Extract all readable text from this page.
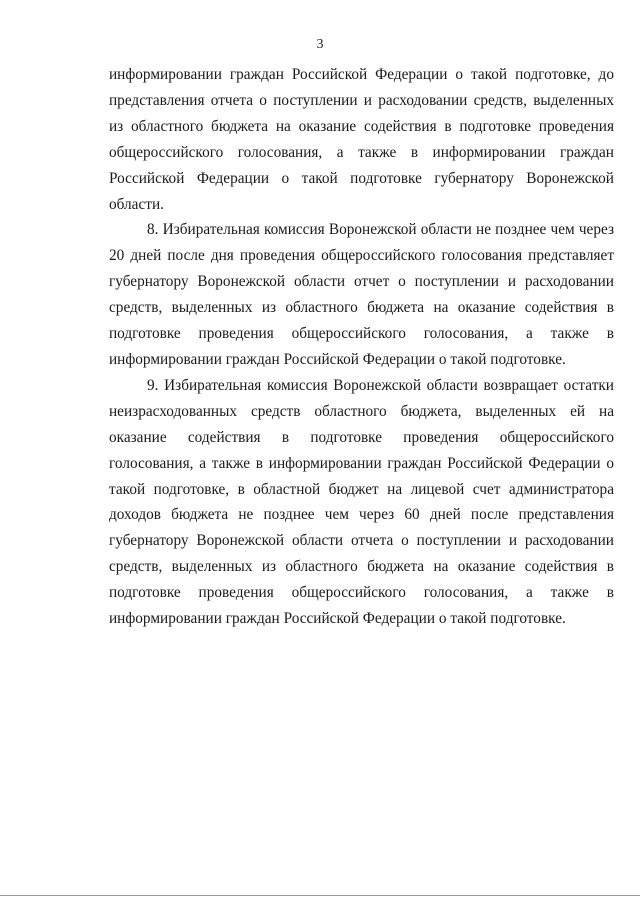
3

информировании граждан Российской Федерации о такой подготовке, до представления отчета о поступлении и расходовании средств, выделенных из областного бюджета на оказание содействия в подготовке проведения общероссийского голосования, а также в информировании граждан Российской Федерации о такой подготовке губернатору Воронежской области.

8. Избирательная комиссия Воронежской области не позднее чем через 20 дней после дня проведения общероссийского голосования представляет губернатору Воронежской области отчет о поступлении и расходовании средств, выделенных из областного бюджета на оказание содействия в подготовке проведения общероссийского голосования, а также в информировании граждан Российской Федерации о такой подготовке.

9. Избирательная комиссия Воронежской области возвращает остатки неизрасходованных средств областного бюджета, выделенных ей на оказание содействия в подготовке проведения общероссийского голосования, а также в информировании граждан Российской Федерации о такой подготовке, в областной бюджет на лицевой счет администратора доходов бюджета не позднее чем через 60 дней после представления губернатору Воронежской области отчета о поступлении и расходовании средств, выделенных из областного бюджета на оказание содействия в подготовке проведения общероссийского голосования, а также в информировании граждан Российской Федерации о такой подготовке.
